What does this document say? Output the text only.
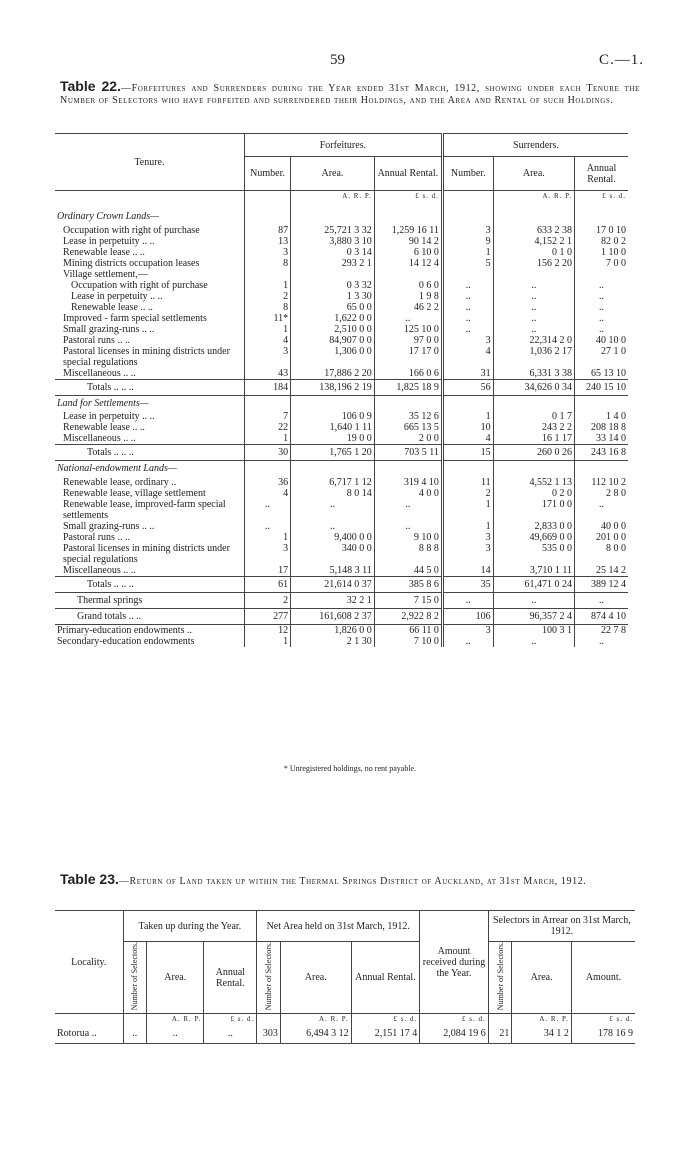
59	C.—1.
Table 22.—Forfeitures and Surrenders during the Year ended 31st March, 1912, showing under each Tenure the Number of Selectors who have forfeited and surrendered their Holdings, and the Area and Rental of such Holdings.
Tenure.	Forfeitures.			Surrenders.		
	Number.	Area.	Annual Rental.	Number.	Area.	Annual Rental.
		A. R. P.	£ s. d.		A. R. P.	£ s. d.
Ordinary Crown Lands—						
Occupation with right of purchase	87	25,721 3 32	1,259 16 11	3	633 2 38	17 0 10
Lease in perpetuity .. ..	13	3,880 3 10	90 14 2	9	4,152 2 1	82 0 2
Renewable lease .. ..	3	0 3 14	6 10 0	1	0 1 0	1 10 0
Mining districts occupation leases	8	293 2 1	14 12 4	5	156 2 20	7 0 0
Village settlement,—						
Occupation with right of purchase	1	0 3 32	0 6 0	..	..	..
Lease in perpetuity .. ..	2	1 3 30	1 9 8	..	..	..
Renewable lease .. ..	8	65 0 0	46 2 2	..	..	..
Improved - farm special settlements	11*	1,622 0 0	..	..	..	..
Small grazing-runs .. ..	1	2,510 0 0	125 10 0	..	..	..
Pastoral runs .. ..	4	84,907 0 0	97 0 0	3	22,314 2 0	40 10 0
Pastoral licenses in mining districts under special regulations	3	1,306 0 0	17 17 0	4	1,036 2 17	27 1 0
Miscellaneous .. ..	43	17,886 2 20	166 0 6	31	6,331 3 38	65 13 10
Totals .. .. ..	184	138,196 2 19	1,825 18 9	56	34,626 0 34	240 15 10
Land for Settlements—						
Lease in perpetuity .. ..	7	106 0 9	35 12 6	1	0 1 7	1 4 0
Renewable lease .. ..	22	1,640 1 11	665 13 5	10	243 2 2	208 18 8
Miscellaneous .. ..	1	19 0 0	2 0 0	4	16 1 17	33 14 0
Totals .. .. ..	30	1,765 1 20	703 5 11	15	260 0 26	243 16 8
National-endowment Lands—						
Renewable lease, ordinary ..	36	6,717 1 12	319 4 10	11	4,552 1 13	112 10 2
Renewable lease, village settlement	4	8 0 14	4 0 0	2	0 2 0	2 8 0
Renewable lease, improved-farm special settlements	..	..	..	1	171 0 0	..
Small grazing-runs .. ..	..	..	..	1	2,833 0 0	40 0 0
Pastoral runs .. ..	1	9,400 0 0	9 10 0	3	49,669 0 0	201 0 0
Pastoral licenses in mining districts under special regulations	3	340 0 0	8 8 8	3	535 0 0	8 0 0
Miscellaneous .. ..	17	5,148 3 11	44 5 0	14	3,710 1 11	25 14 2
Totals .. .. ..	61	21,614 0 37	385 8 6	35	61,471 0 24	389 12 4
Thermal springs	2	32 2 1	7 15 0	..	..	..
Grand totals .. ..	277	161,608 2 37	2,922 8 2	106	96,357 2 4	874 4 10
Primary-education endowments ..	12	1,826 0 0	66 11 0	3	100 3 1	22 7 8
Secondary-education endowments	1	2 1 30	7 10 0	..	..	..
* Unregistered holdings, no rent payable.
Table 23.—Return of Land taken up within the Thermal Springs District of Auckland, at 31st March, 1912.
Locality.	Taken up during the Year.			Net Area held on 31st March, 1912.			Amount received during the Year.	Selectors in Arrear on 31st March, 1912.		
	Number of Selectors.	Area.	Annual Rental.	Number of Selectors.	Area.	Annual Rental.		Number of Selectors.	Area.	Amount.
		A. R. P.	£ s. d.		A. R. P.	£ s. d.	£ s. d.		A. R. P.	£ s. d.
Rotorua ..	..	..	..	303	6,494 3 12	2,151 17 4	2,084 19 6	21	34 1 2	178 16 9
